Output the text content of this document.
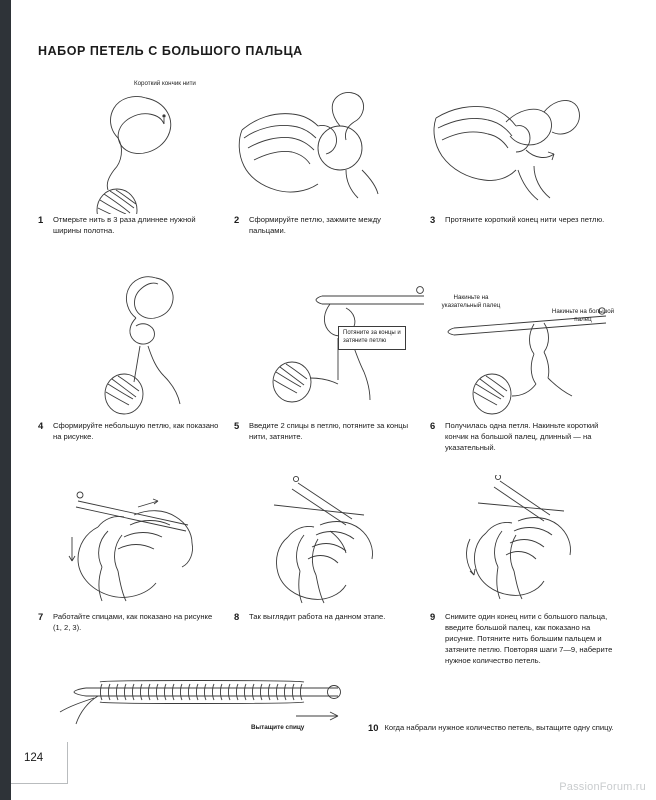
НАБОР ПЕТЕЛЬ С БОЛЬШОГО ПАЛЬЦА
Короткий кончик нити
1	Отмерьте нить в 3 раза длиннее нужной ширины полотна.
2	Сформируйте петлю, зажмите между пальцами.
3	Протяните короткий конец нити через петлю.
4	Сформируйте небольшую петлю, как показано на рисунке.
Потяните за концы и затяните петлю
5	Введите 2 спицы в петлю, потяните за концы нити, затяните.
Накиньте на указательный палец
Накиньте на большой палец
6	Получилась одна петля. Накиньте короткий кончик на большой палец, длинный — на указательный.
7	Работайте спицами, как показано на рисунке (1, 2, 3).
8	Так выглядит работа на данном этапе.	9	Снимите один конец нити с большого пальца, введите большой палец, как показано на рисунке. Потяните нить большим пальцем и затяните петлю. Повторяя шаги 7—9, наберите нужное количество петель.
Вытащите спицу	10 Когда набрали нужное количество петель, вытащите одну спицу.
124
PassionForum.ru
